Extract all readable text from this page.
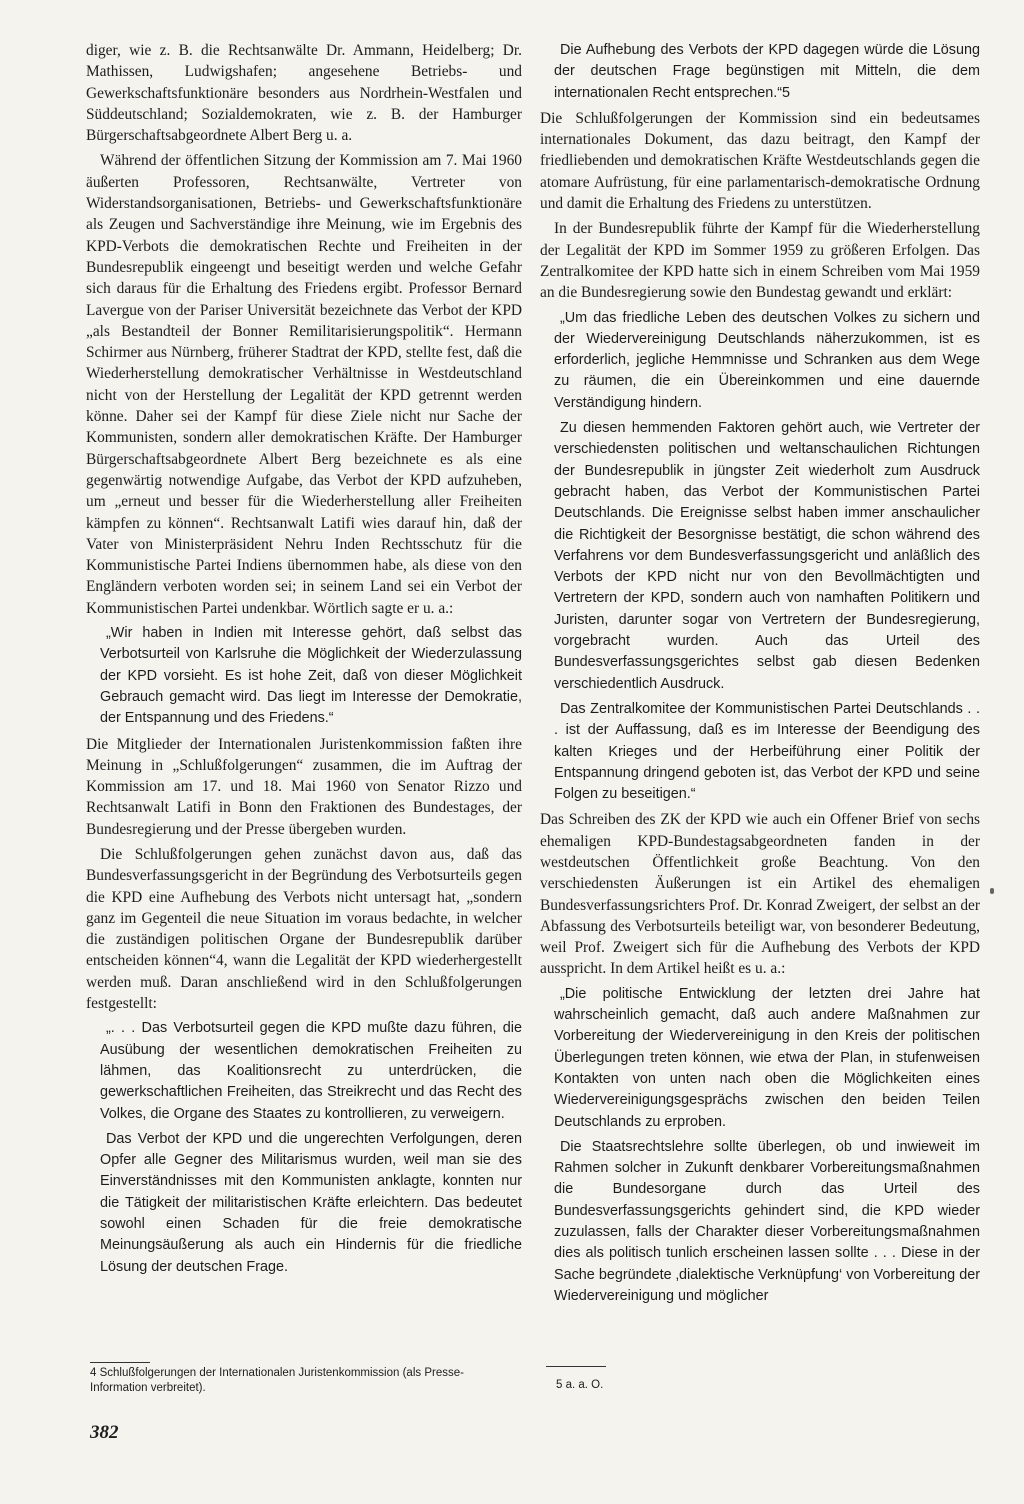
diger, wie z. B. die Rechtsanwälte Dr. Ammann, Heidelberg; Dr. Mathissen, Ludwigshafen; angesehene Betriebs- und Gewerkschaftsfunktionäre besonders aus Nordrhein-Westfalen und Süddeutschland; Sozialdemokraten, wie z. B. der Hamburger Bürgerschaftsabgeordnete Albert Berg u. a.

Während der öffentlichen Sitzung der Kommission am 7. Mai 1960 äußerten Professoren, Rechtsanwälte, Vertreter von Widerstandsorganisationen, Betriebs- und Gewerkschaftsfunktionäre als Zeugen und Sachverständige ihre Meinung, wie im Ergebnis des KPD-Verbots die demokratischen Rechte und Freiheiten in der Bundesrepublik eingeengt und beseitigt werden und welche Gefahr sich daraus für die Erhaltung des Friedens ergibt. Professor Bernard Lavergue von der Pariser Universität bezeichnete das Verbot der KPD „als Bestandteil der Bonner Remilitarisierungspolitik“. Hermann Schirmer aus Nürnberg, früherer Stadtrat der KPD, stellte fest, daß die Wiederherstellung demokratischer Verhältnisse in Westdeutschland nicht von der Herstellung der Legalität der KPD getrennt werden könne. Daher sei der Kampf für diese Ziele nicht nur Sache der Kommunisten, sondern aller demokratischen Kräfte. Der Hamburger Bürgerschaftsabgeordnete Albert Berg bezeichnete es als eine gegenwärtig notwendige Aufgabe, das Verbot der KPD aufzuheben, um „erneut und besser für die Wiederherstellung aller Freiheiten kämpfen zu können“. Rechtsanwalt Latifi wies darauf hin, daß der Vater von Ministerpräsident Nehru Inden Rechtsschutz für die Kommunistische Partei Indiens übernommen habe, als diese von den Engländern verboten worden sei; in seinem Land sei ein Verbot der Kommunistischen Partei undenkbar. Wörtlich sagte er u. a.:

„Wir haben in Indien mit Interesse gehört, daß selbst das Verbotsurteil von Karlsruhe die Möglichkeit der Wiederzulassung der KPD vorsieht. Es ist hohe Zeit, daß von dieser Möglichkeit Gebrauch gemacht wird. Das liegt im Interesse der Demokratie, der Entspannung und des Friedens.“

Die Mitglieder der Internationalen Juristenkommission faßten ihre Meinung in „Schlußfolgerungen“ zusammen, die im Auftrag der Kommission am 17. und 18. Mai 1960 von Senator Rizzo und Rechtsanwalt Latifi in Bonn den Fraktionen des Bundestages, der Bundesregierung und der Presse übergeben wurden.

Die Schlußfolgerungen gehen zunächst davon aus, daß das Bundesverfassungsgericht in der Begründung des Verbotsurteils gegen die KPD eine Aufhebung des Verbots nicht untersagt hat, „sondern ganz im Gegenteil die neue Situation im voraus bedachte, in welcher die zuständigen politischen Organe der Bundesrepublik darüber entscheiden können“4, wann die Legalität der KPD wiederhergestellt werden muß. Daran anschließend wird in den Schlußfolgerungen festgestellt:

„. . . Das Verbotsurteil gegen die KPD mußte dazu führen, die Ausübung der wesentlichen demokratischen Freiheiten zu lähmen, das Koalitionsrecht zu unterdrücken, die gewerkschaftlichen Freiheiten, das Streikrecht und das Recht des Volkes, die Organe des Staates zu kontrollieren, zu verweigern.

Das Verbot der KPD und die ungerechten Verfolgungen, deren Opfer alle Gegner des Militarismus wurden, weil man sie des Einverständnisses mit den Kommunisten anklagte, konnten nur die Tätigkeit der militaristischen Kräfte erleichtern. Das bedeutet sowohl einen Schaden für die freie demokratische Meinungsäußerung als auch ein Hindernis für die friedliche Lösung der deutschen Frage.

Die Aufhebung des Verbots der KPD dagegen würde die Lösung der deutschen Frage begünstigen mit Mitteln, die dem internationalen Recht entsprechen.“5

Die Schlußfolgerungen der Kommission sind ein bedeutsames internationales Dokument, das dazu beitragt, den Kampf der friedliebenden und demokratischen Kräfte Westdeutschlands gegen die atomare Aufrüstung, für eine parlamentarisch-demokratische Ordnung und damit die Erhaltung des Friedens zu unterstützen.

In der Bundesrepublik führte der Kampf für die Wiederherstellung der Legalität der KPD im Sommer 1959 zu größeren Erfolgen. Das Zentralkomitee der KPD hatte sich in einem Schreiben vom Mai 1959 an die Bundesregierung sowie den Bundestag gewandt und erklärt:

„Um das friedliche Leben des deutschen Volkes zu sichern und der Wiedervereinigung Deutschlands näherzukommen, ist es erforderlich, jegliche Hemmnisse und Schranken aus dem Wege zu räumen, die ein Übereinkommen und eine dauernde Verständigung hindern.

Zu diesen hemmenden Faktoren gehört auch, wie Vertreter der verschiedensten politischen und weltanschaulichen Richtungen der Bundesrepublik in jüngster Zeit wiederholt zum Ausdruck gebracht haben, das Verbot der Kommunistischen Partei Deutschlands. Die Ereignisse selbst haben immer anschaulicher die Richtigkeit der Besorgnisse bestätigt, die schon während des Verfahrens vor dem Bundesverfassungsgericht und anläßlich des Verbots der KPD nicht nur von den Bevollmächtigten und Vertretern der KPD, sondern auch von namhaften Politikern und Juristen, darunter sogar von Vertretern der Bundesregierung, vorgebracht wurden. Auch das Urteil des Bundesverfassungsgerichtes selbst gab diesen Bedenken verschiedentlich Ausdruck.

Das Zentralkomitee der Kommunistischen Partei Deutschlands . . . ist der Auffassung, daß es im Interesse der Beendigung des kalten Krieges und der Herbeiführung einer Politik der Entspannung dringend geboten ist, das Verbot der KPD und seine Folgen zu beseitigen.“

Das Schreiben des ZK der KPD wie auch ein Offener Brief von sechs ehemaligen KPD-Bundestagsabgeordneten fanden in der westdeutschen Öffentlichkeit große Beachtung. Von den verschiedensten Äußerungen ist ein Artikel des ehemaligen Bundesverfassungsrichters Prof. Dr. Konrad Zweigert, der selbst an der Abfassung des Verbotsurteils beteiligt war, von besonderer Bedeutung, weil Prof. Zweigert sich für die Aufhebung des Verbots der KPD ausspricht. In dem Artikel heißt es u. a.:

„Die politische Entwicklung der letzten drei Jahre hat wahrscheinlich gemacht, daß auch andere Maßnahmen zur Vorbereitung der Wiedervereinigung in den Kreis der politischen Überlegungen treten können, wie etwa der Plan, in stufenweisen Kontakten von unten nach oben die Möglichkeiten eines Wiedervereinigungsgesprächs zwischen den beiden Teilen Deutschlands zu erproben.

Die Staatsrechtslehre sollte überlegen, ob und inwieweit im Rahmen solcher in Zukunft denkbarer Vorbereitungsmaßnahmen die Bundesorgane durch das Urteil des Bundesverfassungsgerichts gehindert sind, die KPD wieder zuzulassen, falls der Charakter dieser Vorbereitungsmaßnahmen dies als politisch tunlich erscheinen lassen sollte . . . Diese in der Sache begründete ‚dialektische Verknüpfung‘ von Vorbereitung der Wiedervereinigung und möglicher

4 Schlußfolgerungen der Internationalen Juristenkommission (als Presse-Information verbreitet).	5 a. a. O.
382
